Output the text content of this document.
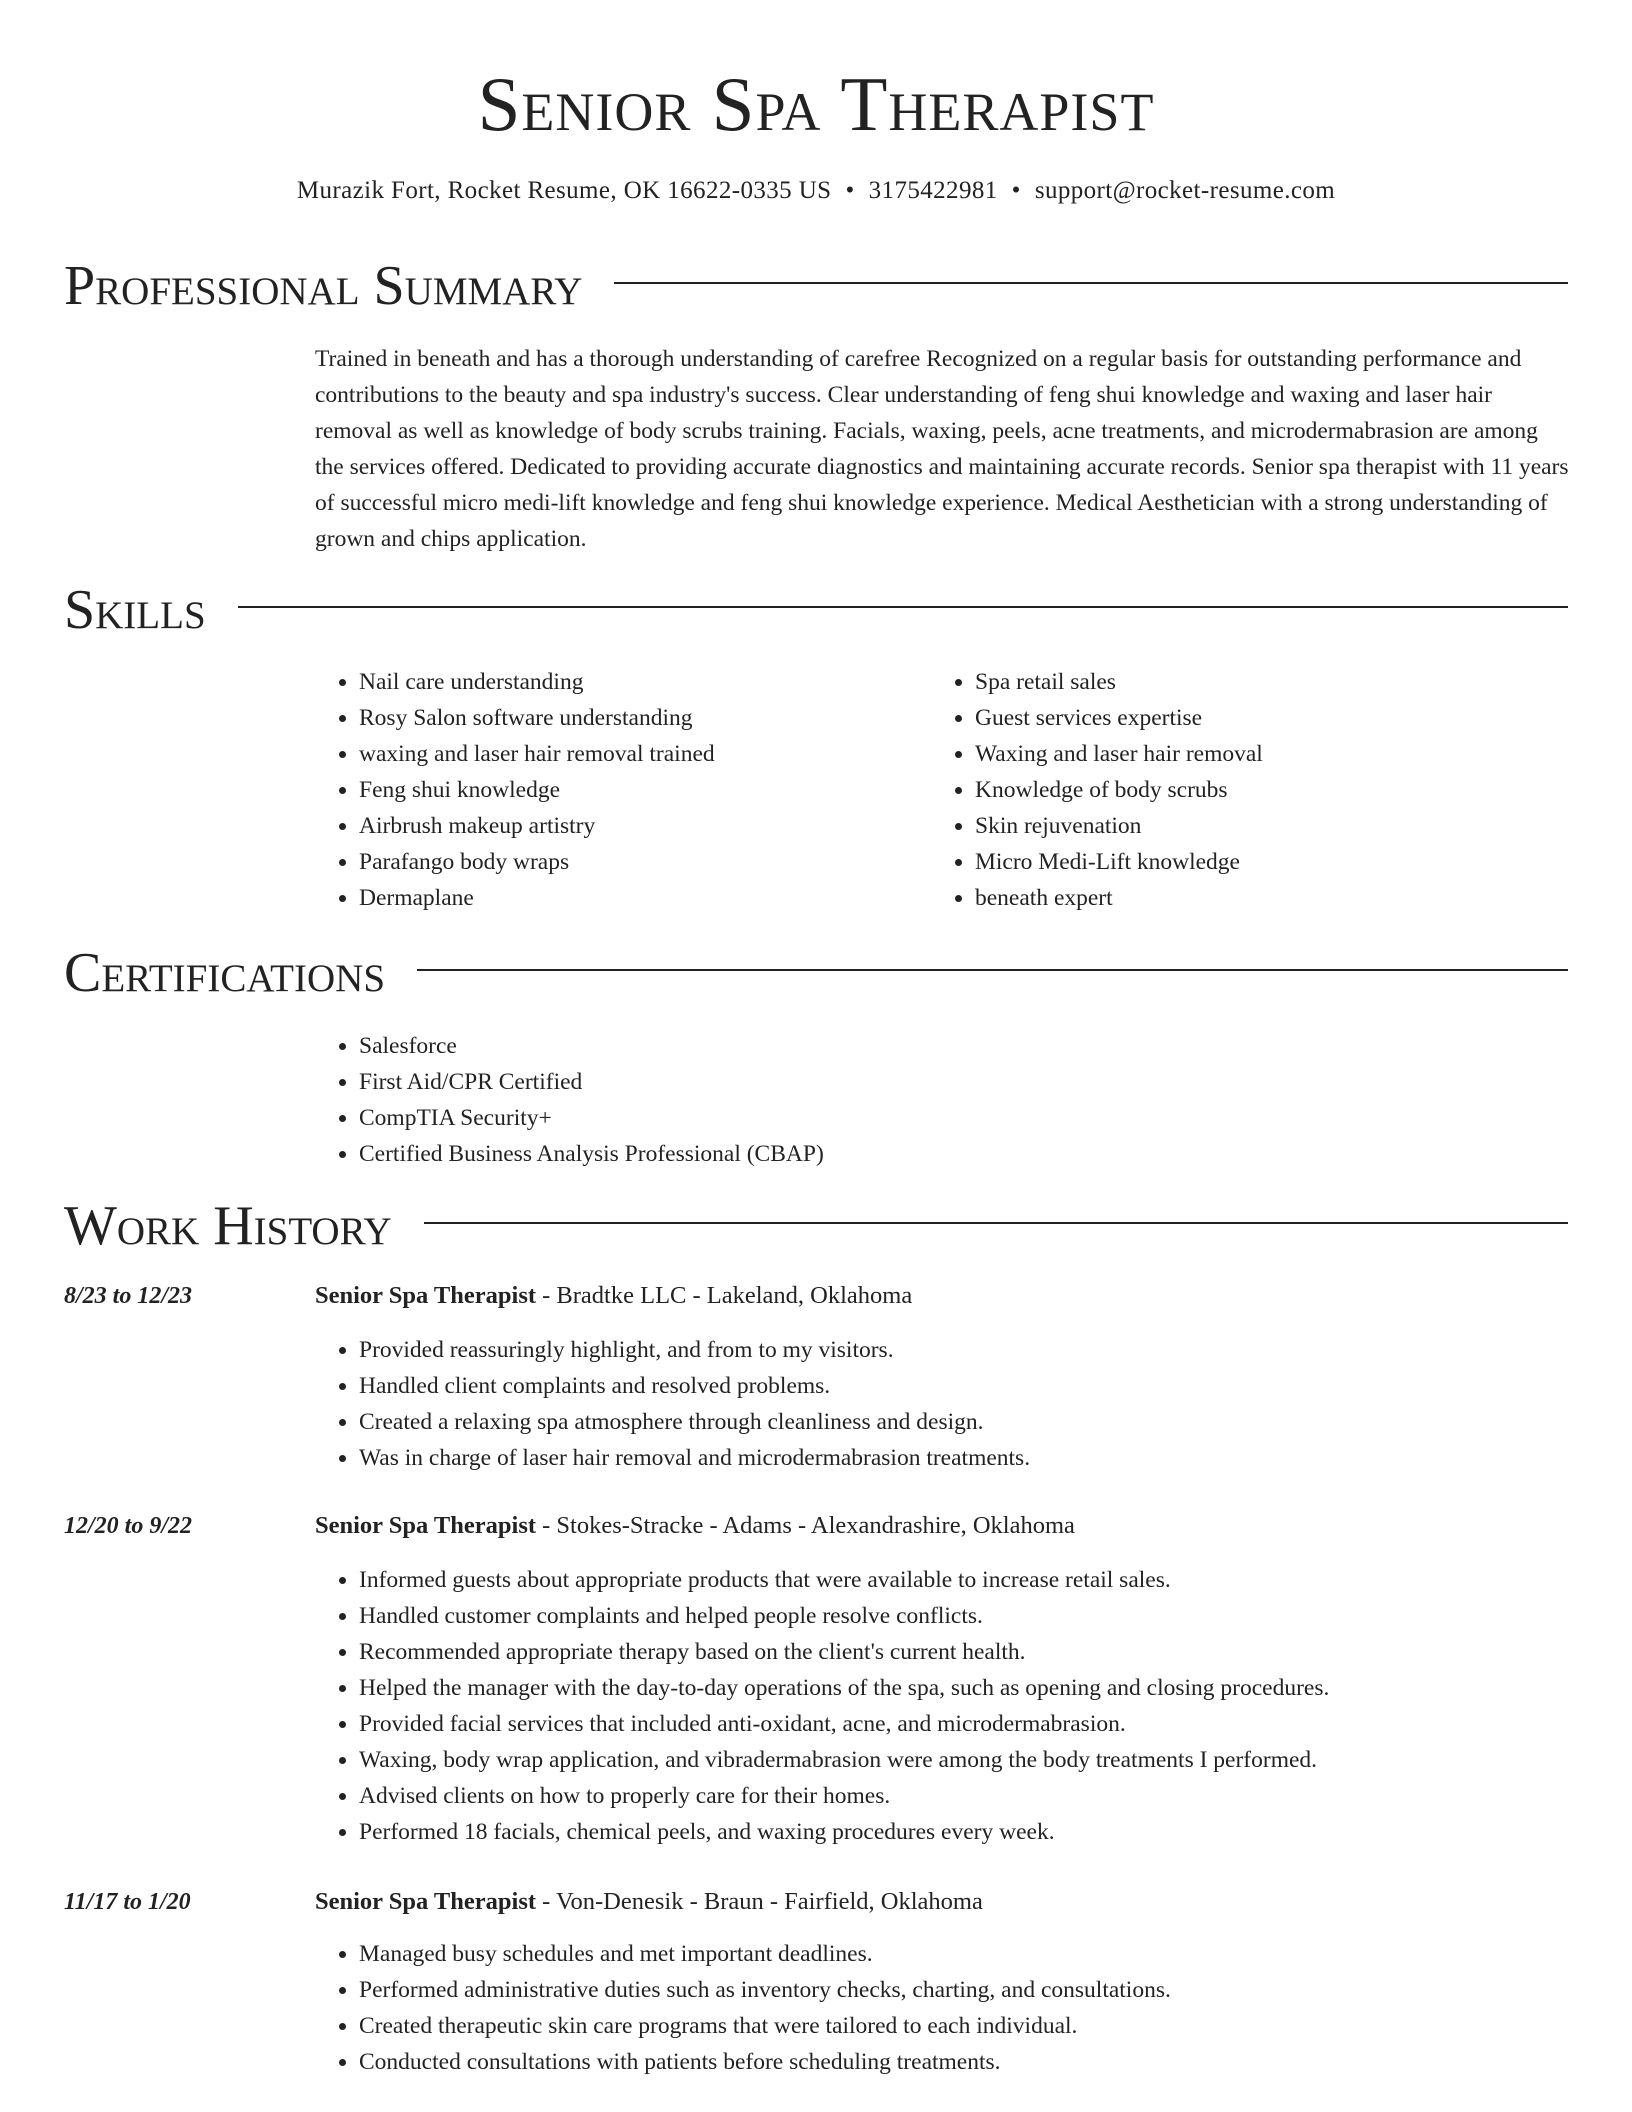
Senior Spa Therapist
Murazik Fort, Rocket Resume, OK 16622-0335 US • 3175422981 • support@rocket-resume.com
Professional Summary

Trained in beneath and has a thorough understanding of carefree Recognized on a regular basis for outstanding performance and contributions to the beauty and spa industry's success. Clear understanding of feng shui knowledge and waxing and laser hair removal as well as knowledge of body scrubs training. Facials, waxing, peels, acne treatments, and microdermabrasion are among the services offered. Dedicated to providing accurate diagnostics and maintaining accurate records. Senior spa therapist with 11 years of successful micro medi-lift knowledge and feng shui knowledge experience. Medical Aesthetician with a strong understanding of grown and chips application.

Skills
• Nail care understanding
• Rosy Salon software understanding
• waxing and laser hair removal trained
• Feng shui knowledge
• Airbrush makeup artistry
• Parafango body wraps
• Dermaplane
• Spa retail sales
• Guest services expertise
• Waxing and laser hair removal
• Knowledge of body scrubs
• Skin rejuvenation
• Micro Medi-Lift knowledge
• beneath expert
Certifications
• Salesforce
• First Aid/CPR Certified
• CompTIA Security+
• Certified Business Analysis Professional (CBAP)
Work History
8/23 to 12/23	Senior Spa Therapist - Bradtke LLC - Lakeland, Oklahoma
• Provided reassuringly highlight, and from to my visitors.
• Handled client complaints and resolved problems.
• Created a relaxing spa atmosphere through cleanliness and design.
• Was in charge of laser hair removal and microdermabrasion treatments.
12/20 to 9/22	Senior Spa Therapist - Stokes-Stracke - Adams - Alexandrashire, Oklahoma
• Informed guests about appropriate products that were available to increase retail sales.
• Handled customer complaints and helped people resolve conflicts.
• Recommended appropriate therapy based on the client's current health.
• Helped the manager with the day-to-day operations of the spa, such as opening and closing procedures.
• Provided facial services that included anti-oxidant, acne, and microdermabrasion.
• Waxing, body wrap application, and vibradermabrasion were among the body treatments I performed.
• Advised clients on how to properly care for their homes.
• Performed 18 facials, chemical peels, and waxing procedures every week.
11/17 to 1/20	Senior Spa Therapist - Von-Denesik - Braun - Fairfield, Oklahoma
• Managed busy schedules and met important deadlines.
• Performed administrative duties such as inventory checks, charting, and consultations.
• Created therapeutic skin care programs that were tailored to each individual.
• Conducted consultations with patients before scheduling treatments.
